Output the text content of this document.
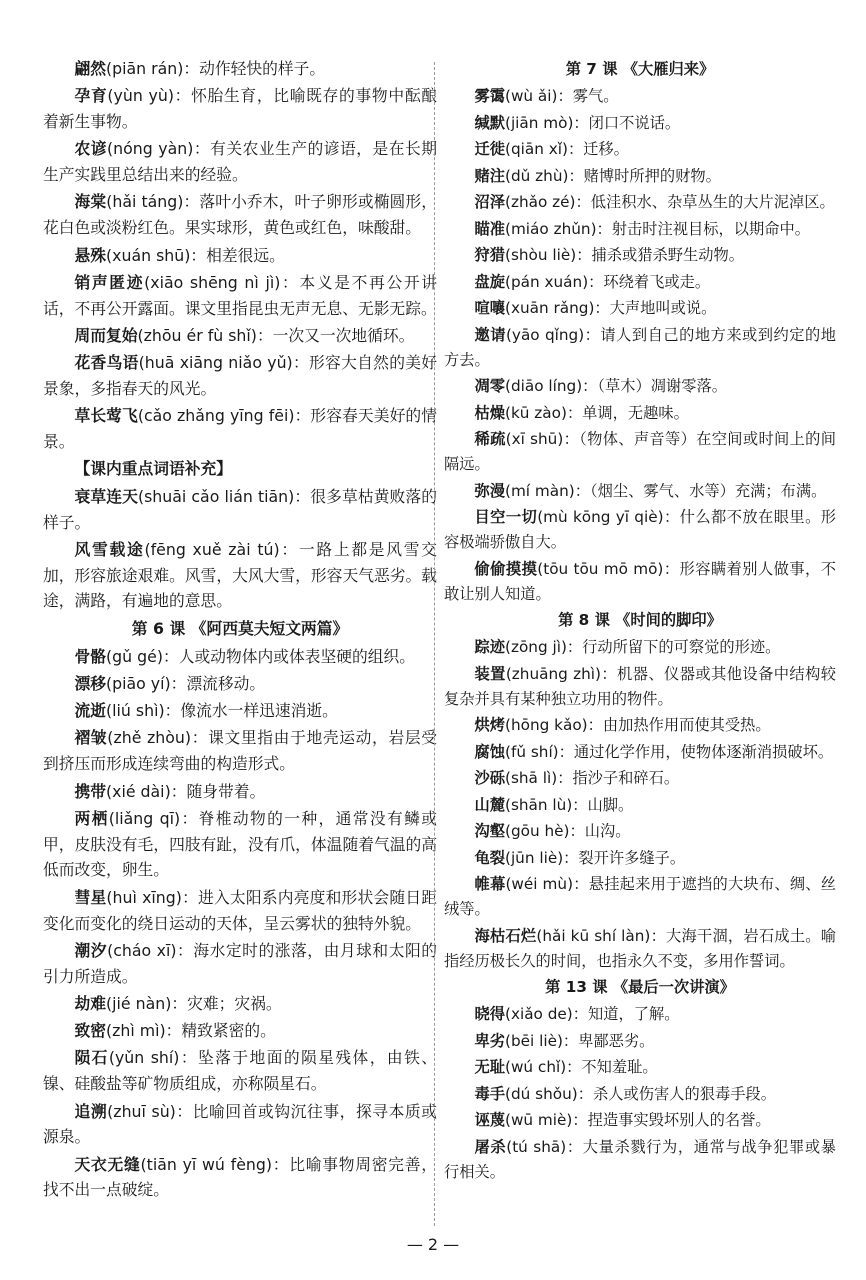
翩然(piān rán)：动作轻快的样子。
孕育(yùn yù)：怀胎生育，比喻既存的事物中酝酿着新生事物。
农谚(nóng yàn)：有关农业生产的谚语，是在长期生产实践里总结出来的经验。
海棠(hǎi táng)：落叶小乔木，叶子卵形或椭圆形，花白色或淡粉红色。果实球形，黄色或红色，味酸甜。
悬殊(xuán shū)：相差很远。
销声匿迹(xiāo shēng nì jì)：本义是不再公开讲话，不再公开露面。课文里指昆虫无声无息、无影无踪。
周而复始(zhōu ér fù shǐ)：一次又一次地循环。
花香鸟语(huā xiāng niǎo yǔ)：形容大自然的美好景象，多指春天的风光。
草长莺飞(cǎo zhǎng yīng fēi)：形容春天美好的情景。
【课内重点词语补充】
衰草连天(shuāi cǎo lián tiān)：很多草枯黄败落的样子。
风雪载途(fēng xuě zài tú)：一路上都是风雪交加，形容旅途艰难。风雪，大风大雪，形容天气恶劣。载途，满路，有遍地的意思。
第 6 课 《阿西莫夫短文两篇》
骨骼(gǔ gé)：人或动物体内或体表坚硬的组织。
漂移(piāo yí)：漂流移动。
流逝(liú shì)：像流水一样迅速消逝。
褶皱(zhě zhòu)：课文里指由于地壳运动，岩层受到挤压而形成连续弯曲的构造形式。
携带(xié dài)：随身带着。
两栖(liǎng qī)：脊椎动物的一种，通常没有鳞或甲，皮肤没有毛，四肢有趾，没有爪，体温随着气温的高低而改变，卵生。
彗星(huì xīng)：进入太阳系内亮度和形状会随日距变化而变化的绕日运动的天体，呈云雾状的独特外貌。
潮汐(cháo xī)：海水定时的涨落，由月球和太阳的引力所造成。
劫难(jié nàn)：灾难；灾祸。
致密(zhì mì)：精致紧密的。
陨石(yǔn shí)：坠落于地面的陨星残体，由铁、镍、硅酸盐等矿物质组成，亦称陨星石。
追溯(zhuī sù)：比喻回首或钩沉往事，探寻本质或源泉。
天衣无缝(tiān yī wú fèng)：比喻事物周密完善，找不出一点破绽。
第 7 课 《大雁归来》
雾霭(wù ǎi)：雾气。
缄默(jiān mò)：闭口不说话。
迁徙(qiān xǐ)：迁移。
赌注(dǔ zhù)：赌博时所押的财物。
沼泽(zhǎo zé)：低洼积水、杂草丛生的大片泥淖区。
瞄准(miáo zhǔn)：射击时注视目标，以期命中。
狩猎(shòu liè)：捕杀或猎杀野生动物。
盘旋(pán xuán)：环绕着飞或走。
喧嚷(xuān rǎng)：大声地叫或说。
邀请(yāo qǐng)：请人到自己的地方来或到约定的地方去。
凋零(diāo líng)：（草木）凋谢零落。
枯燥(kū zào)：单调，无趣味。
稀疏(xī shū)：（物体、声音等）在空间或时间上的间隔远。
弥漫(mí màn)：（烟尘、雾气、水等）充满；布满。
目空一切(mù kōng yī qiè)：什么都不放在眼里。形容极端骄傲自大。
偷偷摸摸(tōu tōu mō mō)：形容瞒着别人做事，不敢让别人知道。
第 8 课 《时间的脚印》
踪迹(zōng jì)：行动所留下的可察觉的形迹。
装置(zhuāng zhì)：机器、仪器或其他设备中结构较复杂并具有某种独立功用的物件。
烘烤(hōng kǎo)：由加热作用而使其受热。
腐蚀(fǔ shí)：通过化学作用，使物体逐渐消损破坏。
沙砾(shā lì)：指沙子和碎石。
山麓(shān lù)：山脚。
沟壑(gōu hè)：山沟。
龟裂(jūn liè)：裂开许多缝子。
帷幕(wéi mù)：悬挂起来用于遮挡的大块布、绸、丝绒等。
海枯石烂(hǎi kū shí làn)：大海干涸，岩石成土。喻指经历极长久的时间，也指永久不变，多用作誓词。
第 13 课 《最后一次讲演》
晓得(xiǎo de)：知道，了解。
卑劣(bēi liè)：卑鄙恶劣。
无耻(wú chǐ)：不知羞耻。
毒手(dú shǒu)：杀人或伤害人的狠毒手段。
诬蔑(wū miè)：捏造事实毁坏别人的名誉。
屠杀(tú shā)：大量杀戮行为，通常与战争犯罪或暴行相关。
— 2 —
